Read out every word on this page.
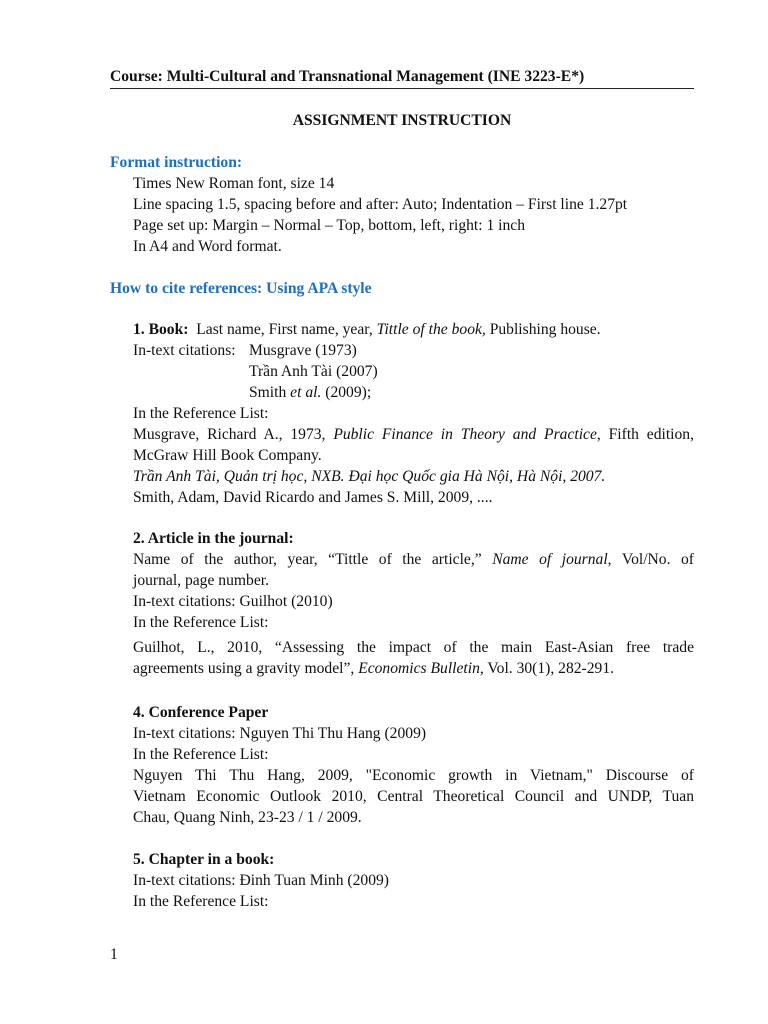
Course: Multi-Cultural and Transnational Management (INE 3223-E*)
ASSIGNMENT INSTRUCTION
Format instruction:
Times New Roman font, size 14
Line spacing 1.5, spacing before and after: Auto; Indentation – First line 1.27pt
Page set up: Margin – Normal – Top, bottom, left, right: 1 inch
In A4 and Word format.
How to cite references: Using APA style
1. Book: Last name, First name, year, Tittle of the book, Publishing house.
In-text citations: Musgrave (1973)
Trần Anh Tài (2007)
Smith et al. (2009);
In the Reference List:
Musgrave, Richard A., 1973, Public Finance in Theory and Practice, Fifth edition,
McGraw Hill Book Company.
Trần Anh Tài, Quản trị học, NXB. Đại học Quốc gia Hà Nội, Hà Nội, 2007.
Smith, Adam, David Ricardo and James S. Mill, 2009, ....
2. Article in the journal:
Name of the author, year, “Tittle of the article,” Name of journal, Vol/No. of
journal, page number.
In-text citations: Guilhot (2010)
In the Reference List:
Guilhot, L., 2010, “Assessing the impact of the main East-Asian free trade
agreements using a gravity model”, Economics Bulletin, Vol. 30(1), 282-291.
4. Conference Paper
In-text citations: Nguyen Thi Thu Hang (2009)
In the Reference List:
Nguyen Thi Thu Hang, 2009, "Economic growth in Vietnam," Discourse of
Vietnam Economic Outlook 2010, Central Theoretical Council and UNDP, Tuan
Chau, Quang Ninh, 23-23 / 1 / 2009.
5. Chapter in a book:
In-text citations: Đinh Tuan Minh (2009)
In the Reference List:
1
